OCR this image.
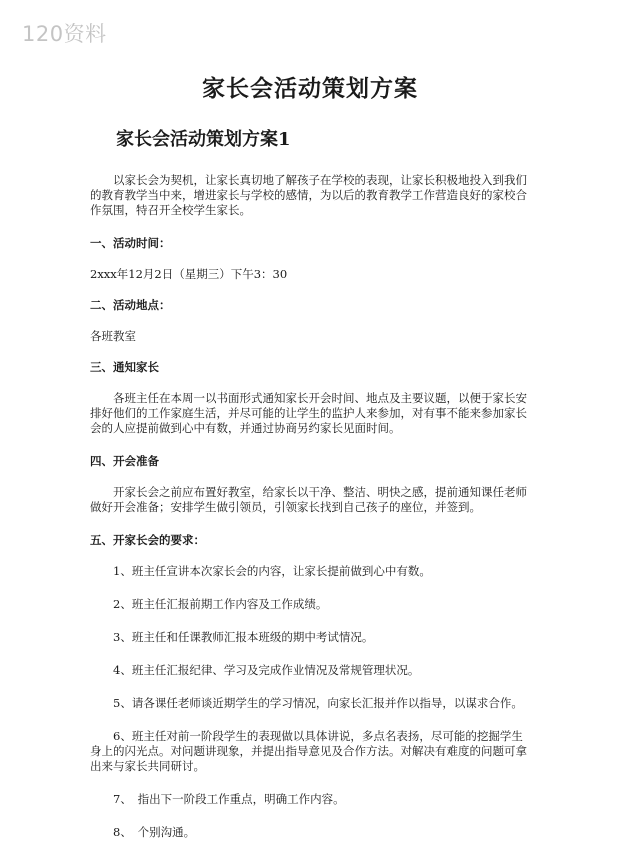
120资料
家长会活动策划方案
家长会活动策划方案1

以家长会为契机，让家长真切地了解孩子在学校的表现，让家长积极地投入到我们的教育教学当中来，增进家长与学校的感情，为以后的教育教学工作营造良好的家校合作氛围，特召开全校学生家长。

一、活动时间：

2xxx年12月2日（星期三）下午3：30

二、活动地点：

各班教室

三、通知家长

各班主任在本周一以书面形式通知家长开会时间、地点及主要议题，以便于家长安排好他们的工作家庭生活，并尽可能的让学生的监护人来参加，对有事不能来参加家长会的人应提前做到心中有数，并通过协商另约家长见面时间。

四、开会准备

开家长会之前应布置好教室，给家长以干净、整洁、明快之感，提前通知课任老师做好开会准备；安排学生做引领员，引领家长找到自己孩子的座位，并签到。

五、开家长会的要求：

1、班主任宣讲本次家长会的内容，让家长提前做到心中有数。

2、班主任汇报前期工作内容及工作成绩。

3、班主任和任课教师汇报本班级的期中考试情况。

4、班主任汇报纪律、学习及完成作业情况及常规管理状况。

5、请各课任老师谈近期学生的学习情况，向家长汇报并作以指导，以谋求合作。

6、班主任对前一阶段学生的表现做以具体讲说，多点名表扬，尽可能的挖掘学生身上的闪光点。对问题讲现象，并提出指导意见及合作方法。对解决有难度的问题可拿出来与家长共同研讨。

7、　指出下一阶段工作重点，明确工作内容。

8、　个别沟通。
